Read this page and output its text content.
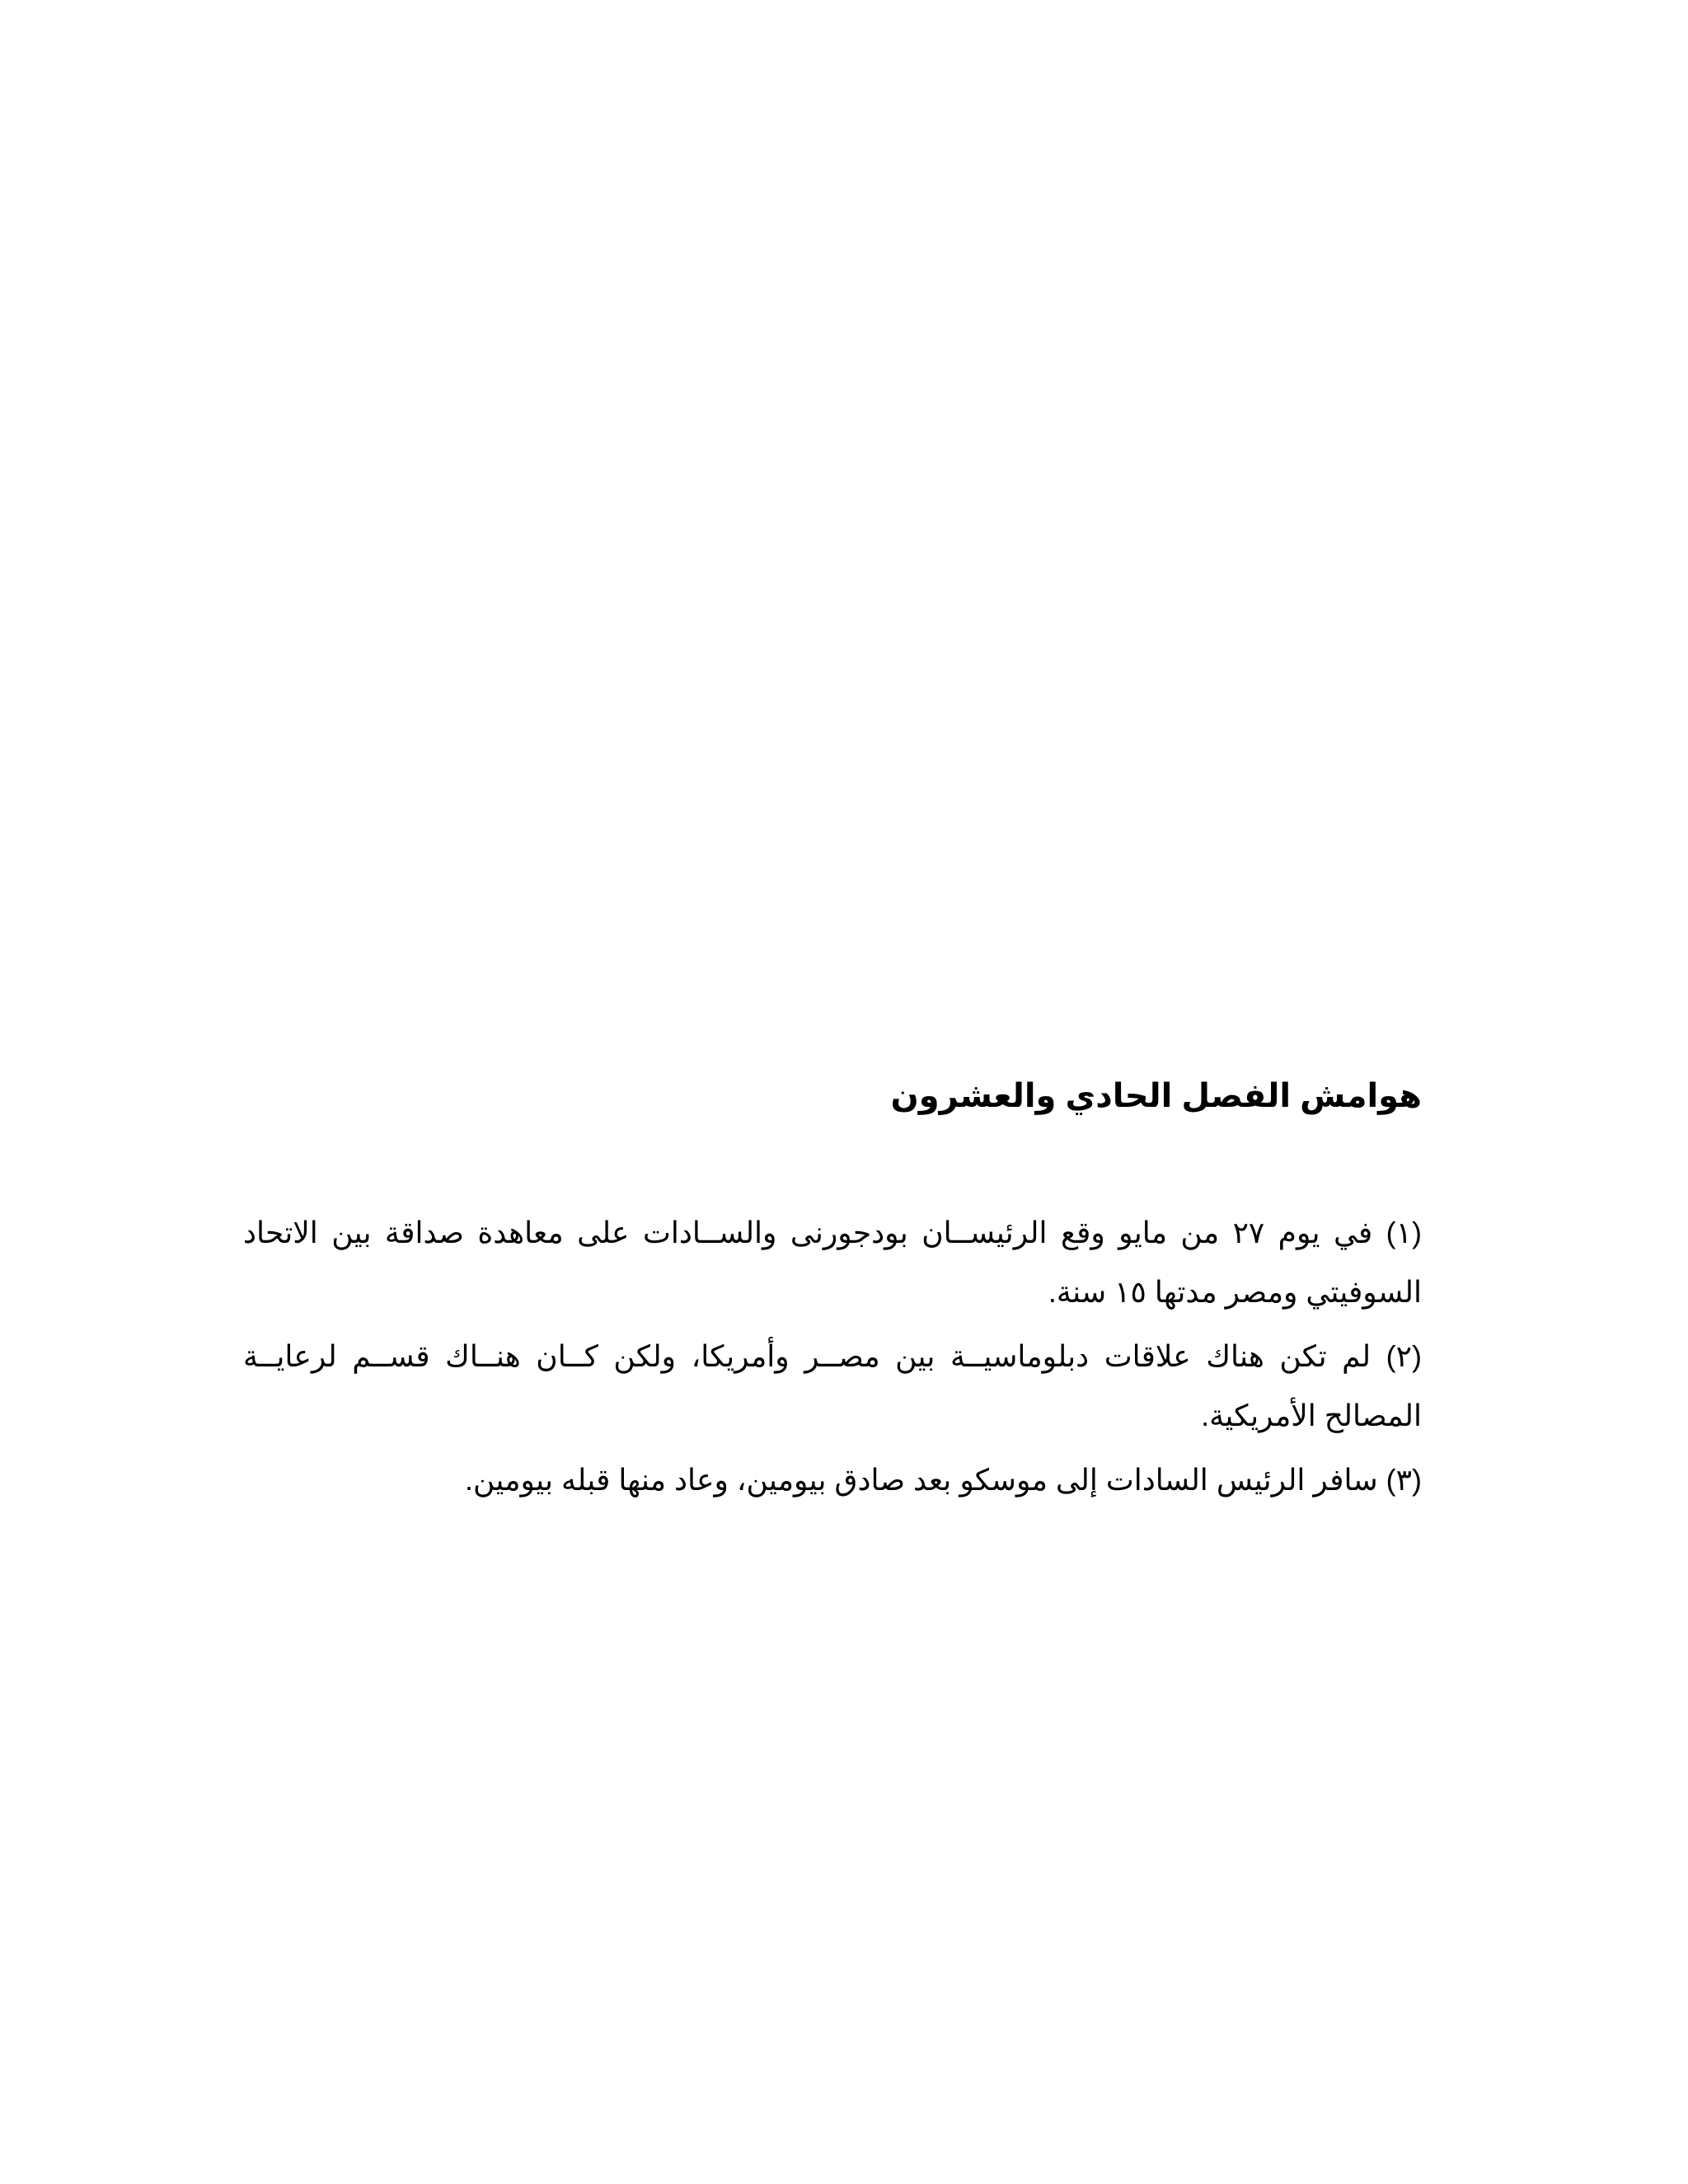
هوامش الفصل الحادي والعشرون

(١) في يوم ٢٧ من مايو وقع الرئيســان بودجورنى والســادات على معاهدة صداقة بين الاتحاد السوفيتي ومصر مدتها ١٥ سنة.

(٢) لم تكن هناك علاقات دبلوماسيــة بين مصــر وأمريكا، ولكن كــان هنــاك قســم لرعايــة المصالح الأمريكية.

(٣) سافر الرئيس السادات إلى موسكو بعد صادق بيومين، وعاد منها قبله بيومين.
